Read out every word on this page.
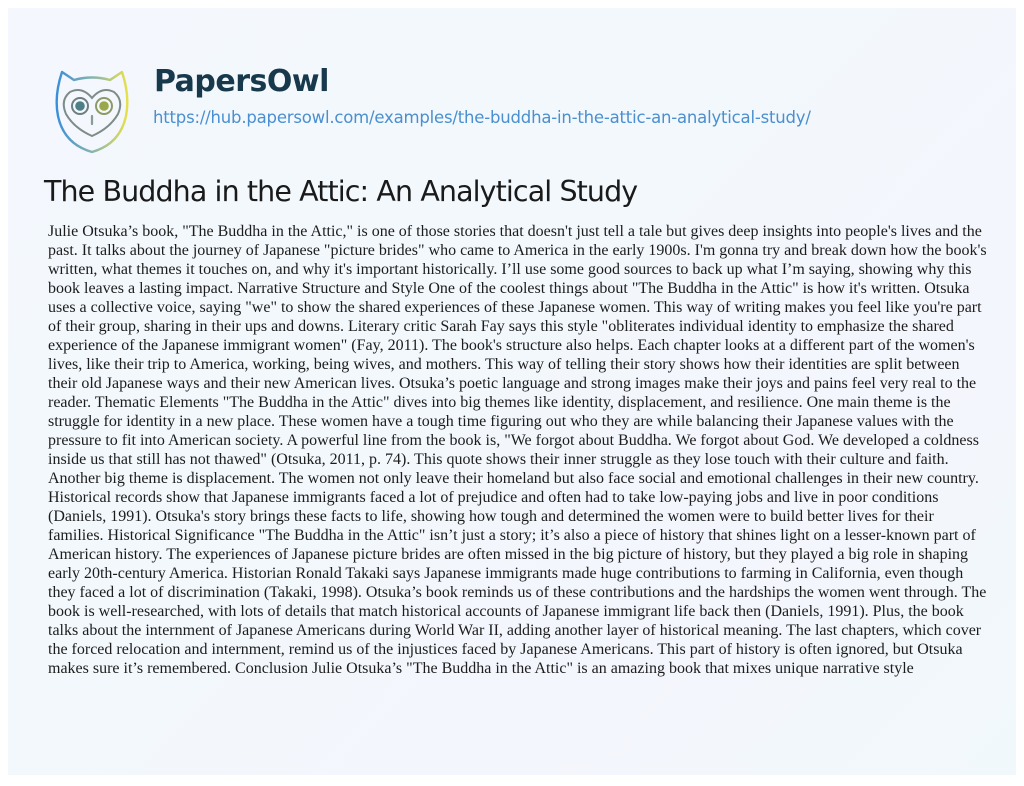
PapersOwl
https://hub.papersowl.com/examples/the-buddha-in-the-attic-an-analytical-study/
The Buddha in the Attic: An Analytical Study

Julie Otsuka’s book, "The Buddha in the Attic," is one of those stories that doesn't just tell a tale but gives deep insights into people's lives and the past. It talks about the journey of Japanese "picture brides" who came to America in the early 1900s. I'm gonna try and break down how the book's written, what themes it touches on, and why it's important historically. I’ll use some good sources to back up what I’m saying, showing why this book leaves a lasting impact. Narrative Structure and Style One of the coolest things about "The Buddha in the Attic" is how it's written. Otsuka uses a collective voice, saying "we" to show the shared experiences of these Japanese women. This way of writing makes you feel like you're part of their group, sharing in their ups and downs. Literary critic Sarah Fay says this style "obliterates individual identity to emphasize the shared experience of the Japanese immigrant women" (Fay, 2011). The book's structure also helps. Each chapter looks at a different part of the women's lives, like their trip to America, working, being wives, and mothers. This way of telling their story shows how their identities are split between their old Japanese ways and their new American lives. Otsuka’s poetic language and strong images make their joys and pains feel very real to the reader. Thematic Elements "The Buddha in the Attic" dives into big themes like identity, displacement, and resilience. One main theme is the struggle for identity in a new place. These women have a tough time figuring out who they are while balancing their Japanese values with the pressure to fit into American society. A powerful line from the book is, "We forgot about Buddha. We forgot about God. We developed a coldness inside us that still has not thawed" (Otsuka, 2011, p. 74). This quote shows their inner struggle as they lose touch with their culture and faith. Another big theme is displacement. The women not only leave their homeland but also face social and emotional challenges in their new country. Historical records show that Japanese immigrants faced a lot of prejudice and often had to take low-paying jobs and live in poor conditions (Daniels, 1991). Otsuka's story brings these facts to life, showing how tough and determined the women were to build better lives for their families. Historical Significance "The Buddha in the Attic" isn’t just a story; it’s also a piece of history that shines light on a lesser-known part of American history. The experiences of Japanese picture brides are often missed in the big picture of history, but they played a big role in shaping early 20th-century America. Historian Ronald Takaki says Japanese immigrants made huge contributions to farming in California, even though they faced a lot of discrimination (Takaki, 1998). Otsuka’s book reminds us of these contributions and the hardships the women went through. The book is well-researched, with lots of details that match historical accounts of Japanese immigrant life back then (Daniels, 1991). Plus, the book talks about the internment of Japanese Americans during World War II, adding another layer of historical meaning. The last chapters, which cover the forced relocation and internment, remind us of the injustices faced by Japanese Americans. This part of history is often ignored, but Otsuka makes sure it’s remembered. Conclusion Julie Otsuka’s "The Buddha in the Attic" is an amazing book that mixes unique narrative style
